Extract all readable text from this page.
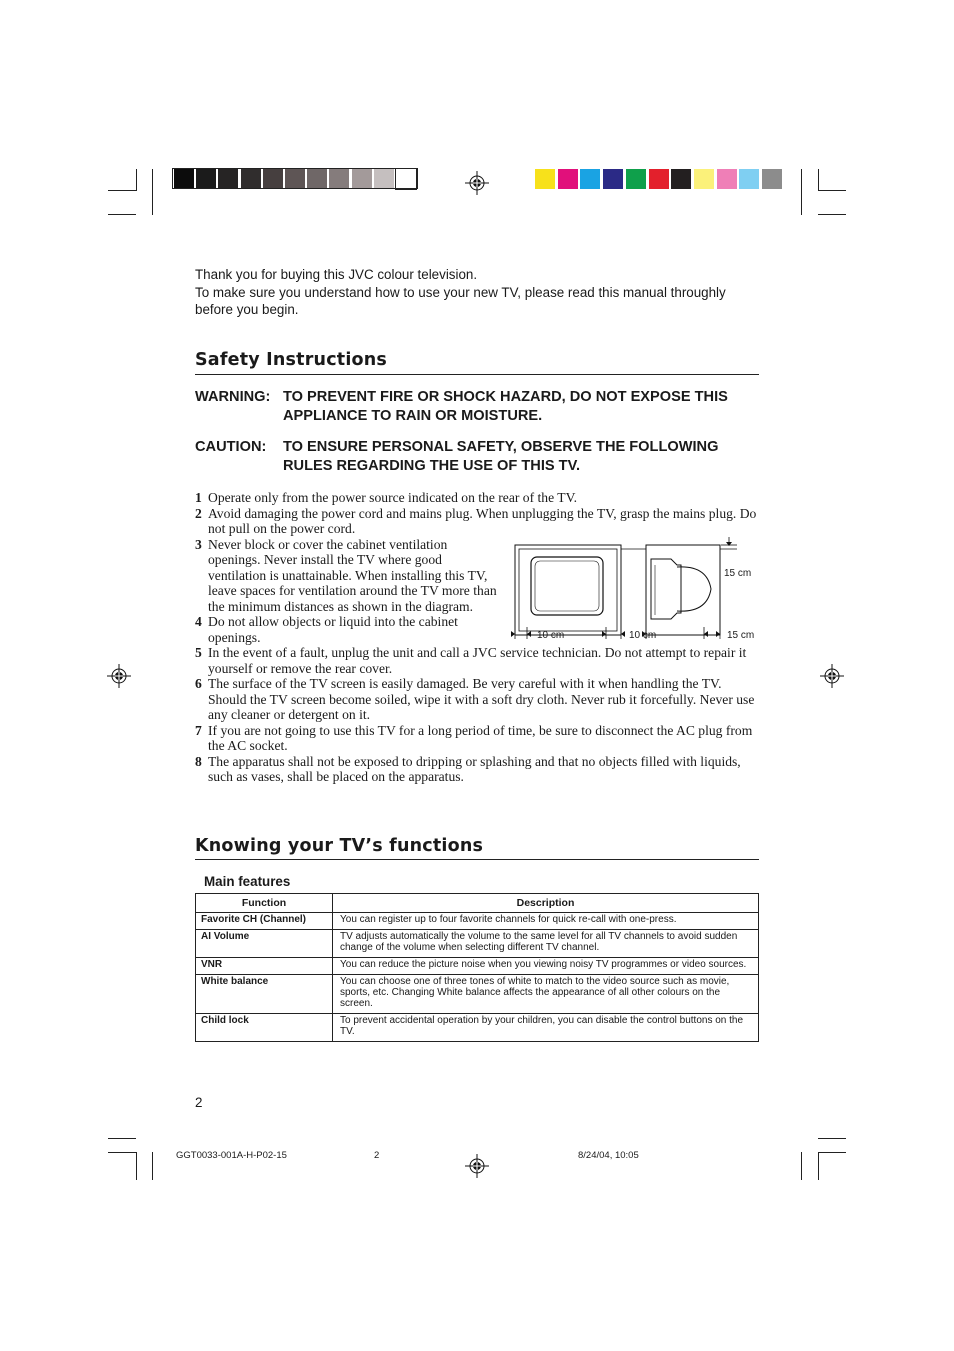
Thank you for buying this JVC colour television.
To make sure you understand how to use your new TV, please read this manual throughly before you begin.
Safety Instructions
WARNING: TO PREVENT FIRE OR SHOCK HAZARD, DO NOT EXPOSE THIS APPLIANCE TO RAIN OR MOISTURE.
CAUTION: TO ENSURE PERSONAL SAFETY, OBSERVE THE FOLLOWING RULES REGARDING THE USE OF THIS TV.
1 Operate only from the power source indicated on the rear of the TV.
2 Avoid damaging the power cord and mains plug. When unplugging the TV, grasp the mains plug. Do not pull on the power cord.
3 Never block or cover the cabinet ventilation openings. Never install the TV where good ventilation is unattainable. When installing this TV, leave spaces for ventilation around the TV more than the minimum distances as shown in the diagram.
4 Do not allow objects or liquid into the cabinet openings.
5 In the event of a fault, unplug the unit and call a JVC service technician. Do not attempt to repair it yourself or remove the rear cover.
6 The surface of the TV screen is easily damaged. Be very careful with it when handling the TV. Should the TV screen become soiled, wipe it with a soft dry cloth. Never rub it forcefully. Never use any cleaner or detergent on it.
7 If you are not going to use this TV for a long period of time, be sure to disconnect the AC plug from the AC socket.
8 The apparatus shall not be exposed to dripping or splashing and that no objects filled with liquids, such as vases, shall be placed on the apparatus.
10 cm	10 cm	15 cm
15 cm
Knowing your TV’s functions
Main features
Function	Description
Favorite CH (Channel)	You can register up to four favorite channels for quick re-call with one-press.
AI Volume	TV adjusts automatically the volume to the same level for all TV channels to avoid sudden change of the volume when selecting different TV channel.
VNR	You can reduce the picture noise when you viewing noisy TV programmes or video sources.
White balance	You can choose one of three tones of white to match to the video source such as movie, sports, etc. Changing White balance affects the appearance of all other colours on the screen.
Child lock	To prevent accidental operation by your children, you can disable the control buttons on the TV.
2
GGT0033-001A-H-P02-15	2	8/24/04, 10:05
